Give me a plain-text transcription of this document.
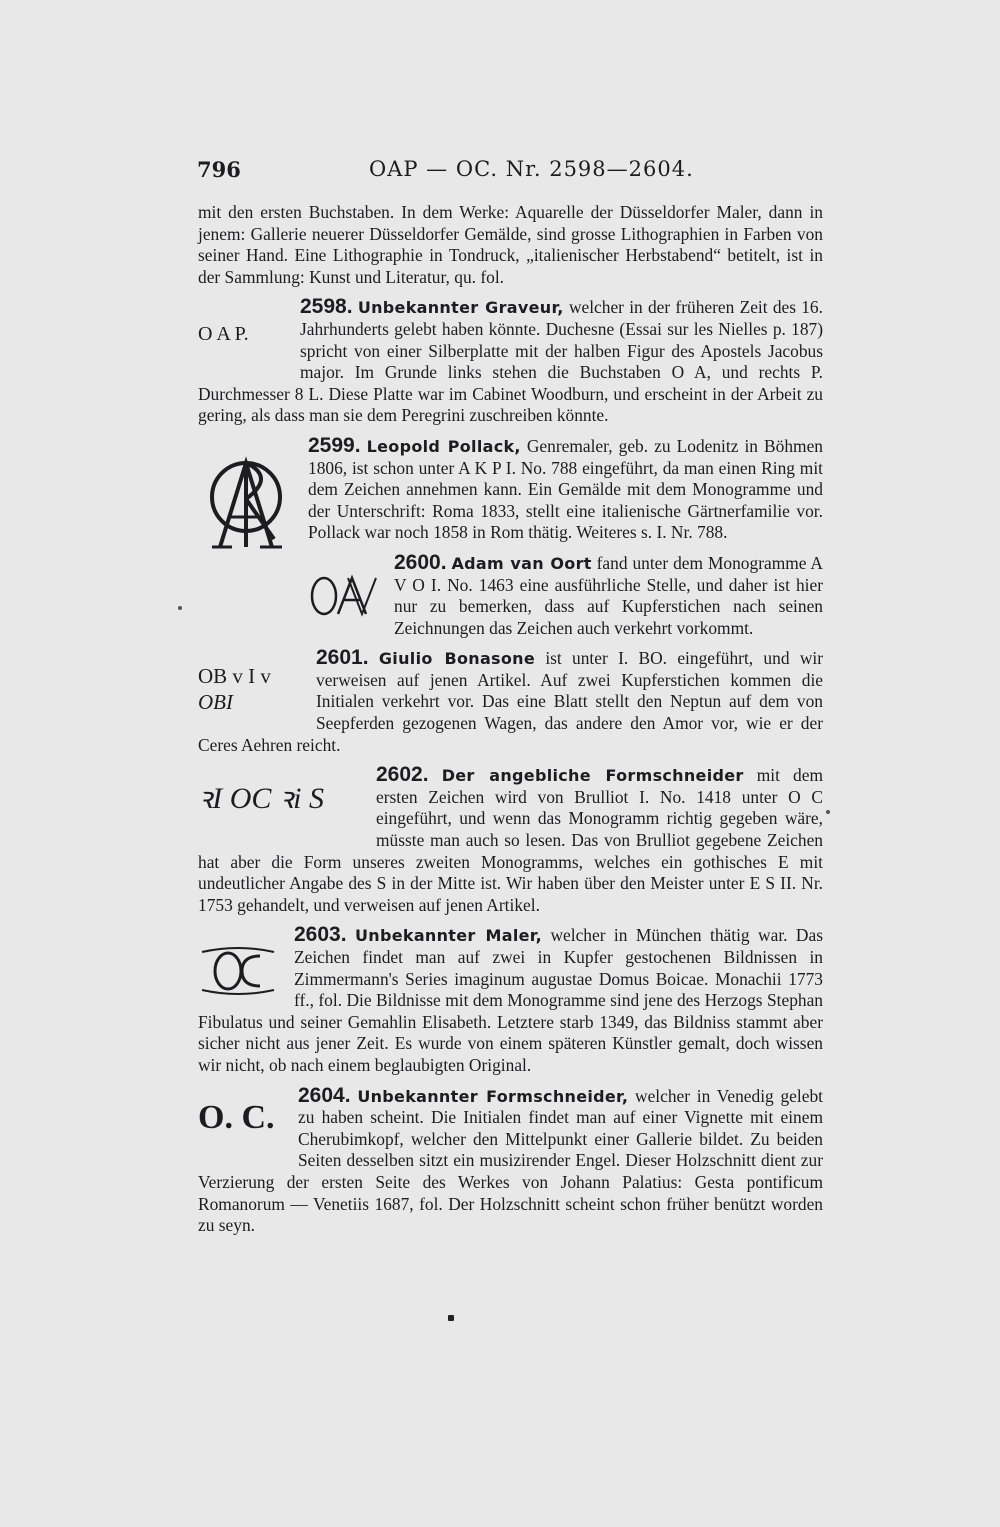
796	OAP — OC. Nr. 2598—2604.

mit den ersten Buchstaben. In dem Werke: Aquarelle der Düsseldorfer Maler, dann in jenem: Gallerie neuerer Düsseldorfer Gemälde, sind grosse Lithographien in Farben von seiner Hand. Eine Lithographie in Tondruck, „italienischer Herbstabend“ betitelt, ist in der Sammlung: Kunst und Literatur, qu. fol.

O A P.

2598. Unbekannter Graveur, welcher in der früheren Zeit des 16. Jahrhunderts gelebt haben könnte. Duchesne (Essai sur les Nielles p. 187) spricht von einer Silberplatte mit der halben Figur des Apostels Jacobus major. Im Grunde links stehen die Buchstaben O A, und rechts P. Durchmesser 8 L. Diese Platte war im Cabinet Woodburn, und erscheint in der Arbeit zu gering, als dass man sie dem Peregrini zuschreiben könnte.

2599. Leopold Pollack, Genremaler, geb. zu Lodenitz in Böhmen 1806, ist schon unter A K P I. No. 788 eingeführt, da man einen Ring mit dem Zeichen annehmen kann. Ein Gemälde mit dem Monogramme und der Unterschrift: Roma 1833, stellt eine italienische Gärtnerfamilie vor. Pollack war noch 1858 in Rom thätig. Weiteres s. I. Nr. 788.

2600. Adam van Oort fand unter dem Monogramme A V O I. No. 1463 eine ausführliche Stelle, und daher ist hier nur zu bemerken, dass auf Kupferstichen nach seinen Zeichnungen das Zeichen auch verkehrt vorkommt.

OB v I v
OBI

2601. Giulio Bonasone ist unter I. BO. eingeführt, und wir verweisen auf jenen Artikel. Auf zwei Kupferstichen kommen die Initialen verkehrt vor. Das eine Blatt stellt den Neptun auf dem von Seepferden gezogenen Wagen, das andere den Amor vor, wie er der Ceres Aehren reicht.

ꝛI OC ꝛi S

2602. Der angebliche Formschneider mit dem ersten Zeichen wird von Brulliot I. No. 1418 unter O C eingeführt, und wenn das Monogramm richtig gegeben wäre, müsste man auch so lesen. Das von Brulliot gegebene Zeichen hat aber die Form unseres zweiten Monogramms, welches ein gothisches E mit undeutlicher Angabe des S in der Mitte ist. Wir haben über den Meister unter E S II. Nr. 1753 gehandelt, und verweisen auf jenen Artikel.

2603. Unbekannter Maler, welcher in München thätig war. Das Zeichen findet man auf zwei in Kupfer gestochenen Bildnissen in Zimmermann's Series imaginum augustae Domus Boicae. Monachii 1773 ff., fol. Die Bildnisse mit dem Monogramme sind jene des Herzogs Stephan Fibulatus und seiner Gemahlin Elisabeth. Letztere starb 1349, das Bildniss stammt aber sicher nicht aus jener Zeit. Es wurde von einem späteren Künstler gemalt, doch wissen wir nicht, ob nach einem beglaubigten Original.

O. C.

2604. Unbekannter Formschneider, welcher in Venedig gelebt zu haben scheint. Die Initialen findet man auf einer Vignette mit einem Cherubimkopf, welcher den Mittelpunkt einer Gallerie bildet. Zu beiden Seiten desselben sitzt ein musizirender Engel. Dieser Holzschnitt dient zur Verzierung der ersten Seite des Werkes von Johann Palatius: Gesta pontificum Romanorum — Venetiis 1687, fol. Der Holzschnitt scheint schon früher benützt worden zu seyn.
